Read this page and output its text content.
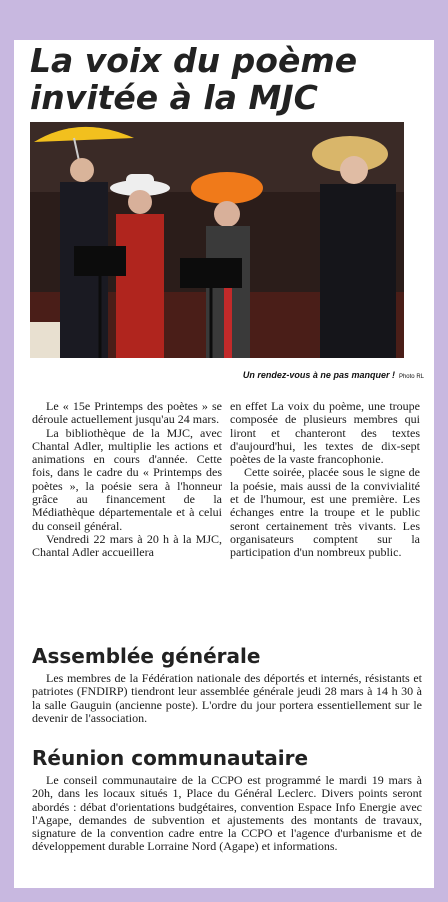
La voix du poème
invitée à la MJC
Un rendez-vous à ne pas manquer ! Photo RL

Le « 15e Printemps des poètes » se déroule actuellement jusqu'au 24 mars.

La bibliothèque de la MJC, avec Chantal Adler, multiplie les actions et animations en cours d'année. Cette fois, dans le cadre du « Printemps des poètes », la poésie sera à l'honneur grâce au financement de la Médiathèque départementale et à celui du conseil général.

Vendredi 22 mars à 20 h à la MJC, Chantal Adler accueillera

en effet La voix du poème, une troupe composée de plusieurs membres qui liront et chanteront des textes d'aujourd'hui, les textes de dix-sept poètes de la vaste francophonie.

Cette soirée, placée sous le signe de la poésie, mais aussi de la convivialité et de l'humour, est une première. Les échanges entre la troupe et le public seront certainement très vivants. Les organisateurs comptent sur la participation d'un nombreux public.

Assemblée générale

Les membres de la Fédération nationale des déportés et internés, résistants et patriotes (FNDIRP) tiendront leur assemblée générale jeudi 28 mars à 14 h 30 à la salle Gauguin (ancienne poste). L'ordre du jour portera essentiellement sur le devenir de l'association.

Réunion communautaire

Le conseil communautaire de la CCPO est programmé le mardi 19 mars à 20h, dans les locaux situés 1, Place du Général Leclerc. Divers points seront abordés : débat d'orientations budgétaires, convention Espace Info Energie avec l'Agape, demandes de subvention et ajustements des montants de travaux, signature de la convention cadre entre la CCPO et l'agence d'urbanisme et de développement durable Lorraine Nord (Agape) et informations.
